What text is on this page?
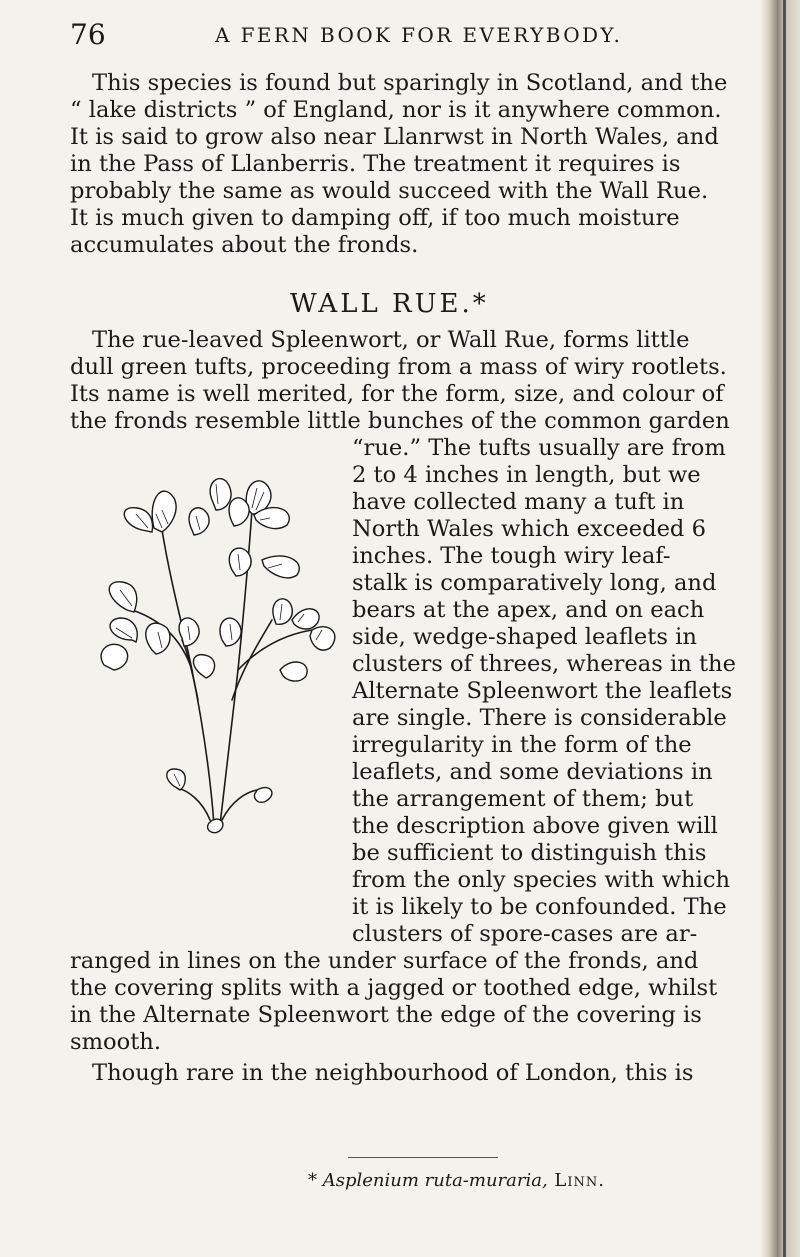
76	A FERN BOOK FOR EVERYBODY.
This species is found but sparingly in Scotland, and the
“ lake districts ” of England, nor is it anywhere common.
It is said to grow also near Llanrwst in North Wales, and
in the Pass of Llanberris. The treatment it requires is
probably the same as would succeed with the Wall Rue.
It is much given to damping off, if too much moisture
accumulates about the fronds.
WALL RUE.*
The rue-leaved Spleenwort, or Wall Rue, forms little
dull green tufts, proceeding from a mass of wiry rootlets.
Its name is well merited, for the form, size, and colour of
the fronds resemble little bunches of the common garden
“rue.” The tufts usually are from
2 to 4 inches in length, but we
have collected many a tuft in
North Wales which exceeded 6
inches. The tough wiry leaf-
stalk is comparatively long, and
bears at the apex, and on each
side, wedge-shaped leaflets in
clusters of threes, whereas in the
Alternate Spleenwort the leaflets
are single. There is considerable
irregularity in the form of the
leaflets, and some deviations in
the arrangement of them; but
the description above given will
be sufficient to distinguish this
from the only species with which
it is likely to be confounded. The
clusters of spore-cases are ar-
ranged in lines on the under surface of the fronds, and
the covering splits with a jagged or toothed edge, whilst
in the Alternate Spleenwort the edge of the covering is
smooth.
Though rare in the neighbourhood of London, this is
* Asplenium ruta-muraria, Linn.
